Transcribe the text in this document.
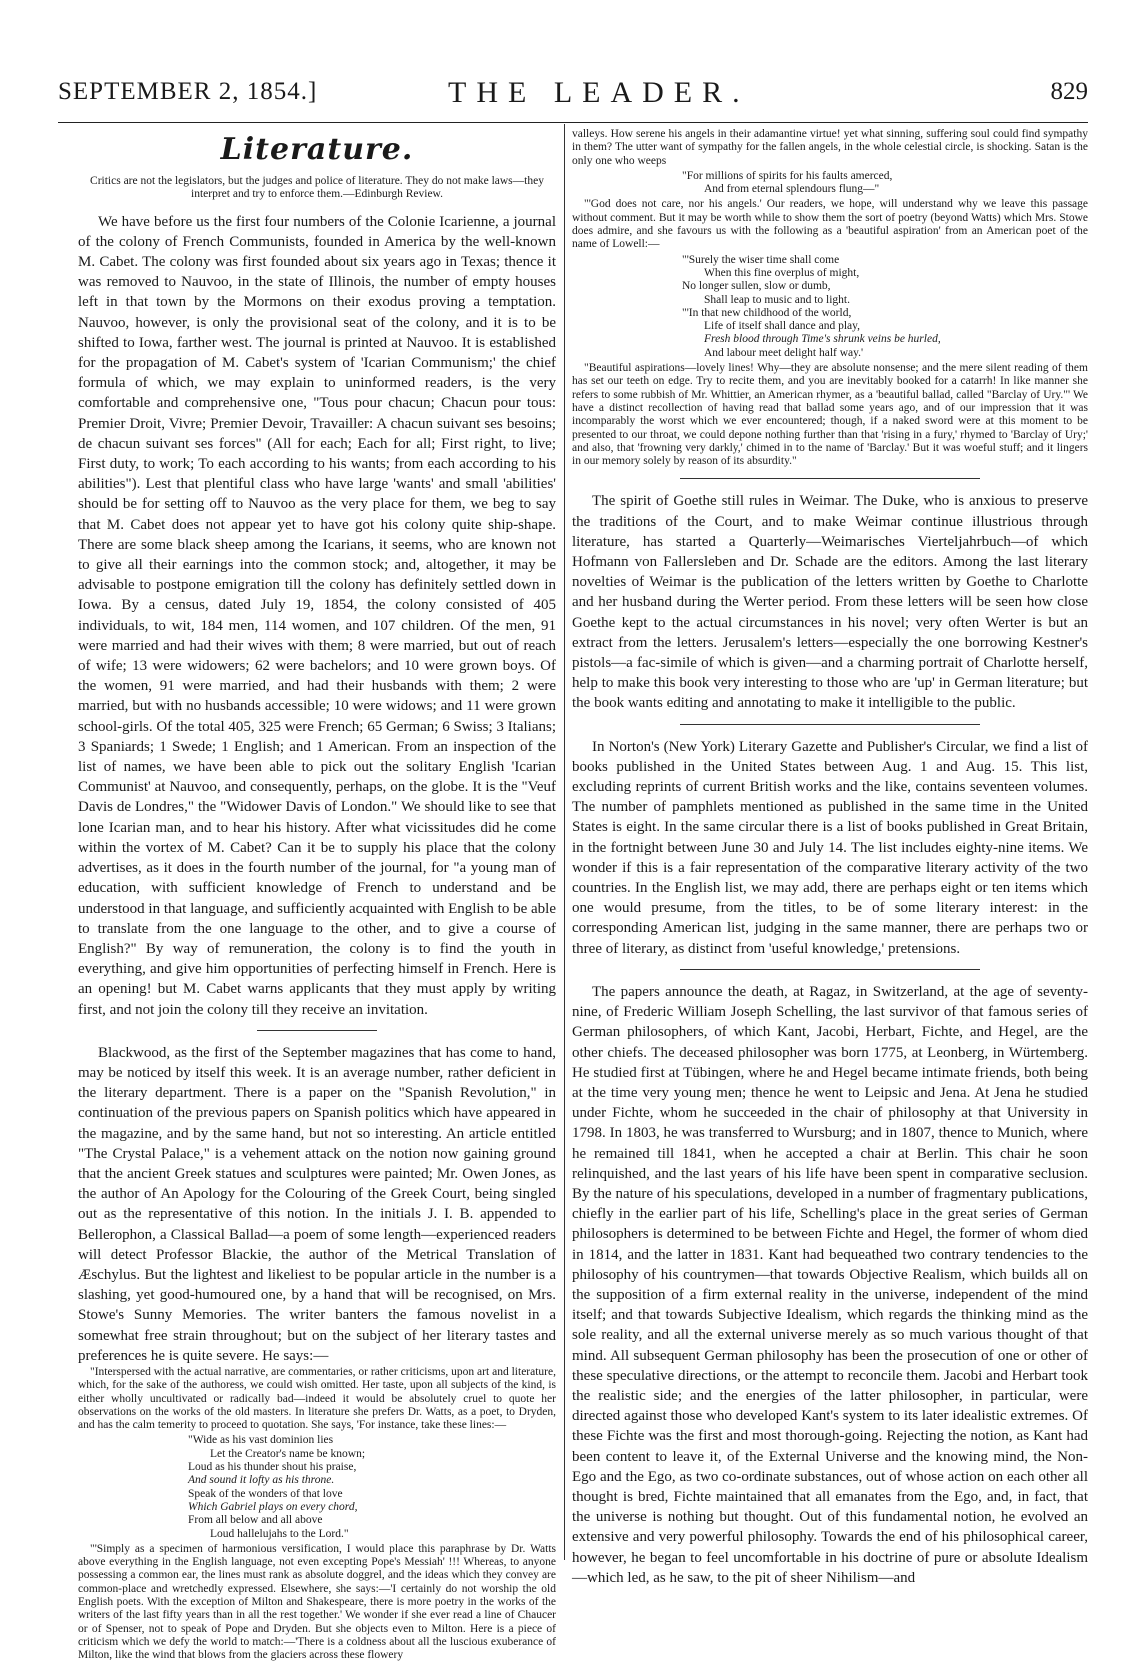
SEPTEMBER 2, 1854.]	THE LEADER.	829
Literature.
Critics are not the legislators, but the judges and police of literature. They do not make laws—they interpret and try to enforce them.—Edinburgh Review.

We have before us the first four numbers of the Colonie Icarienne, a journal of the colony of French Communists, founded in America by the well-known M. Cabet. The colony was first founded about six years ago in Texas; thence it was removed to Nauvoo, in the state of Illinois, the number of empty houses left in that town by the Mormons on their exodus proving a temptation. Nauvoo, however, is only the provisional seat of the colony, and it is to be shifted to Iowa, farther west. The journal is printed at Nauvoo. It is established for the propagation of M. Cabet's system of 'Icarian Communism;' the chief formula of which, we may explain to uninformed readers, is the very comfortable and comprehensive one, "Tous pour chacun; Chacun pour tous: Premier Droit, Vivre; Premier Devoir, Travailler: A chacun suivant ses besoins; de chacun suivant ses forces" (All for each; Each for all; First right, to live; First duty, to work; To each according to his wants; from each according to his abilities"). Lest that plentiful class who have large 'wants' and small 'abilities' should be for setting off to Nauvoo as the very place for them, we beg to say that M. Cabet does not appear yet to have got his colony quite ship-shape. There are some black sheep among the Icarians, it seems, who are known not to give all their earnings into the common stock; and, altogether, it may be advisable to postpone emigration till the colony has definitely settled down in Iowa. By a census, dated July 19, 1854, the colony consisted of 405 individuals, to wit, 184 men, 114 women, and 107 children. Of the men, 91 were married and had their wives with them; 8 were married, but out of reach of wife; 13 were widowers; 62 were bachelors; and 10 were grown boys. Of the women, 91 were married, and had their husbands with them; 2 were married, but with no husbands accessible; 10 were widows; and 11 were grown school-girls. Of the total 405, 325 were French; 65 German; 6 Swiss; 3 Italians; 3 Spaniards; 1 Swede; 1 English; and 1 American. From an inspection of the list of names, we have been able to pick out the solitary English 'Icarian Communist' at Nauvoo, and consequently, perhaps, on the globe. It is the "Veuf Davis de Londres," the "Widower Davis of London." We should like to see that lone Icarian man, and to hear his history. After what vicissitudes did he come within the vortex of M. Cabet? Can it be to supply his place that the colony advertises, as it does in the fourth number of the journal, for "a young man of education, with sufficient knowledge of French to understand and be understood in that language, and sufficiently acquainted with English to be able to translate from the one language to the other, and to give a course of English?" By way of remuneration, the colony is to find the youth in everything, and give him opportunities of perfecting himself in French. Here is an opening! but M. Cabet warns applicants that they must apply by writing first, and not join the colony till they receive an invitation.

Blackwood, as the first of the September magazines that has come to hand, may be noticed by itself this week. It is an average number, rather deficient in the literary department. There is a paper on the "Spanish Revolution," in continuation of the previous papers on Spanish politics which have appeared in the magazine, and by the same hand, but not so interesting. An article entitled "The Crystal Palace," is a vehement attack on the notion now gaining ground that the ancient Greek statues and sculptures were painted; Mr. Owen Jones, as the author of An Apology for the Colouring of the Greek Court, being singled out as the representative of this notion. In the initials J. I. B. appended to Bellerophon, a Classical Ballad—a poem of some length—experienced readers will detect Professor Blackie, the author of the Metrical Translation of Æschylus. But the lightest and likeliest to be popular article in the number is a slashing, yet good-humoured one, by a hand that will be recognised, on Mrs. Stowe's Sunny Memories. The writer banters the famous novelist in a somewhat free strain throughout; but on the subject of her literary tastes and preferences he is quite severe. He says:—

"Interspersed with the actual narrative, are commentaries, or rather criticisms, upon art and literature, which, for the sake of the authoress, we could wish omitted. Her taste, upon all subjects of the kind, is either wholly uncultivated or radically bad—indeed it would be absolutely cruel to quote her observations on the works of the old masters. In literature she prefers Dr. Watts, as a poet, to Dryden, and has the calm temerity to proceed to quotation. She says, 'For instance, take these lines:—

"Wide as his vast dominion lies
Let the Creator's name be known;
Loud as his thunder shout his praise,
And sound it lofty as his throne.
Speak of the wonders of that love
Which Gabriel plays on every chord,
From all below and all above
Loud hallelujahs to the Lord."

"'Simply as a specimen of harmonious versification, I would place this paraphrase by Dr. Watts above everything in the English language, not even excepting Pope's Messiah' !!! Whereas, to anyone possessing a common ear, the lines must rank as absolute doggrel, and the ideas which they convey are common-place and wretchedly expressed. Elsewhere, she says:—'I certainly do not worship the old English poets. With the exception of Milton and Shakespeare, there is more poetry in the works of the writers of the last fifty years than in all the rest together.' We wonder if she ever read a line of Chaucer or of Spenser, not to speak of Pope and Dryden. But she objects even to Milton. Here is a piece of criticism which we defy the world to match:—'There is a coldness about all the luscious exuberance of Milton, like the wind that blows from the glaciers across these flowery

valleys. How serene his angels in their adamantine virtue! yet what sinning, suffering soul could find sympathy in them? The utter want of sympathy for the fallen angels, in the whole celestial circle, is shocking. Satan is the only one who weeps

"For millions of spirits for his faults amerced,
And from eternal splendours flung—"

"'God does not care, nor his angels.' Our readers, we hope, will understand why we leave this passage without comment. But it may be worth while to show them the sort of poetry (beyond Watts) which Mrs. Stowe does admire, and she favours us with the following as a 'beautiful aspiration' from an American poet of the name of Lowell:—

"'Surely the wiser time shall come
When this fine overplus of might,
No longer sullen, slow or dumb,
Shall leap to music and to light.
"'In that new childhood of the world,
Life of itself shall dance and play,
Fresh blood through Time's shrunk veins be hurled,
And labour meet delight half way.'

"Beautiful aspirations—lovely lines! Why—they are absolute nonsense; and the mere silent reading of them has set our teeth on edge. Try to recite them, and you are inevitably booked for a catarrh! In like manner she refers to some rubbish of Mr. Whittier, an American rhymer, as a 'beautiful ballad, called "Barclay of Ury."' We have a distinct recollection of having read that ballad some years ago, and of our impression that it was incomparably the worst which we ever encountered; though, if a naked sword were at this moment to be presented to our throat, we could depone nothing further than that 'rising in a fury,' rhymed to 'Barclay of Ury;' and also, that 'frowning very darkly,' chimed in to the name of 'Barclay.' But it was woeful stuff; and it lingers in our memory solely by reason of its absurdity."

The spirit of Goethe still rules in Weimar. The Duke, who is anxious to preserve the traditions of the Court, and to make Weimar continue illustrious through literature, has started a Quarterly—Weimarisches Vierteljahrbuch—of which Hofmann von Fallersleben and Dr. Schade are the editors. Among the last literary novelties of Weimar is the publication of the letters written by Goethe to Charlotte and her husband during the Werter period. From these letters will be seen how close Goethe kept to the actual circumstances in his novel; very often Werter is but an extract from the letters. Jerusalem's letters—especially the one borrowing Kestner's pistols—a fac-simile of which is given—and a charming portrait of Charlotte herself, help to make this book very interesting to those who are 'up' in German literature; but the book wants editing and annotating to make it intelligible to the public.

In Norton's (New York) Literary Gazette and Publisher's Circular, we find a list of books published in the United States between Aug. 1 and Aug. 15. This list, excluding reprints of current British works and the like, contains seventeen volumes. The number of pamphlets mentioned as published in the same time in the United States is eight. In the same circular there is a list of books published in Great Britain, in the fortnight between June 30 and July 14. The list includes eighty-nine items. We wonder if this is a fair representation of the comparative literary activity of the two countries. In the English list, we may add, there are perhaps eight or ten items which one would presume, from the titles, to be of some literary interest: in the corresponding American list, judging in the same manner, there are perhaps two or three of literary, as distinct from 'useful knowledge,' pretensions.

The papers announce the death, at Ragaz, in Switzerland, at the age of seventy-nine, of Frederic William Joseph Schelling, the last survivor of that famous series of German philosophers, of which Kant, Jacobi, Herbart, Fichte, and Hegel, are the other chiefs. The deceased philosopher was born 1775, at Leonberg, in Würtemberg. He studied first at Tübingen, where he and Hegel became intimate friends, both being at the time very young men; thence he went to Leipsic and Jena. At Jena he studied under Fichte, whom he succeeded in the chair of philosophy at that University in 1798. In 1803, he was transferred to Wursburg; and in 1807, thence to Munich, where he remained till 1841, when he accepted a chair at Berlin. This chair he soon relinquished, and the last years of his life have been spent in comparative seclusion. By the nature of his speculations, developed in a number of fragmentary publications, chiefly in the earlier part of his life, Schelling's place in the great series of German philosophers is determined to be between Fichte and Hegel, the former of whom died in 1814, and the latter in 1831. Kant had bequeathed two contrary tendencies to the philosophy of his countrymen—that towards Objective Realism, which builds all on the supposition of a firm external reality in the universe, independent of the mind itself; and that towards Subjective Idealism, which regards the thinking mind as the sole reality, and all the external universe merely as so much various thought of that mind. All subsequent German philosophy has been the prosecution of one or other of these speculative directions, or the attempt to reconcile them. Jacobi and Herbart took the realistic side; and the energies of the latter philosopher, in particular, were directed against those who developed Kant's system to its later idealistic extremes. Of these Fichte was the first and most thorough-going. Rejecting the notion, as Kant had been content to leave it, of the External Universe and the knowing mind, the Non-Ego and the Ego, as two co-ordinate substances, out of whose action on each other all thought is bred, Fichte maintained that all emanates from the Ego, and, in fact, that the universe is nothing but thought. Out of this fundamental notion, he evolved an extensive and very powerful philosophy. Towards the end of his philosophical career, however, he began to feel uncomfortable in his doctrine of pure or absolute Idealism—which led, as he saw, to the pit of sheer Nihilism—and
